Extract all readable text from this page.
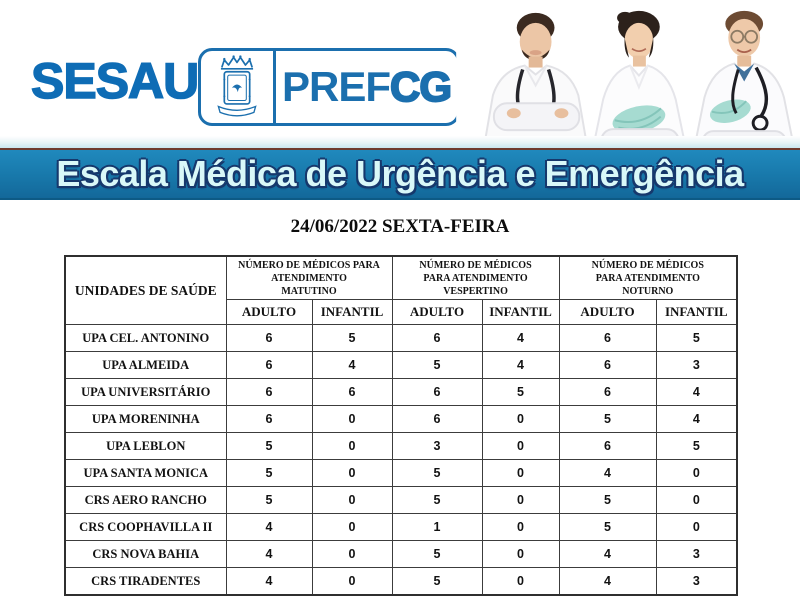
SESAU PREF CG
Escala Médica de Urgência e Emergência
24/06/2022 SEXTA-FEIRA
UNIDADES DE SAÚDE	NÚMERO DE MÉDICOS PARA
ATENDIMENTO
MATUTINO		NÚMERO DE MÉDICOS
PARA ATENDIMENTO
VESPERTINO		NÚMERO DE MÉDICOS
PARA ATENDIMENTO
NOTURNO	

	ADULTO	INFANTIL	ADULTO	INFANTIL	ADULTO	INFANTIL
UPA CEL. ANTONINO	6	5	6	4	6	5
UPA ALMEIDA	6	4	5	4	6	3
UPA UNIVERSITÁRIO	6	6	6	5	6	4
UPA MORENINHA	6	0	6	0	5	4
UPA LEBLON	5	0	3	0	6	5
UPA SANTA MONICA	5	0	5	0	4	0
CRS AERO RANCHO	5	0	5	0	5	0
CRS COOPHAVILLA II	4	0	1	0	5	0
CRS NOVA BAHIA	4	0	5	0	4	3
CRS TIRADENTES	4	0	5	0	4	3
